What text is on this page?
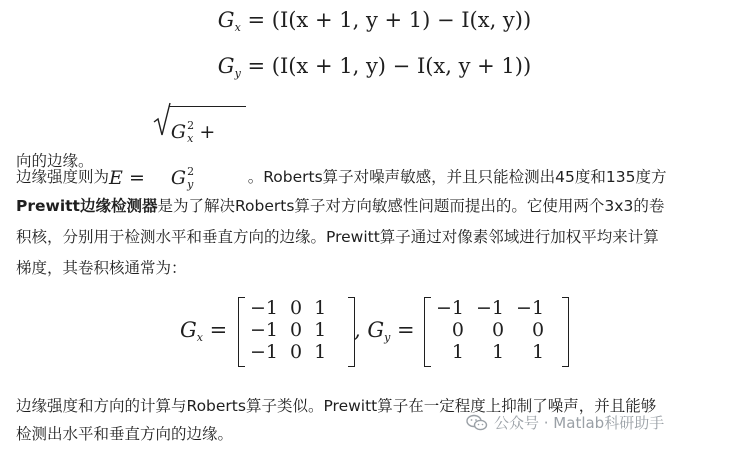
$G_x = (I(x + 1$, y + 1) − I(x, y))
$G_y = (I(x + 1$, y) − I(x, y + 1))
边缘强度则为E =
$G^2_x + G^2_y$	。Roberts算子对噪声敏感，并且只能检测出45度和135度方
向的边缘。
Prewitt边缘检测器是为了解决Roberts算子对方向敏感性问题而提出的。它使用两个3x3的卷
积核，分别用于检测水平和垂直方向的边缘。Prewitt算子通过对像素邻域进行加权平均来计算
梯度，其卷积核通常为：
$G_x$ =
−1	0	1
−1	0	1
−1	0	1
, $G_y$ =
−1	−1	−1
0	0	0
1	1	1
边缘强度和方向的计算与Roberts算子类似。Prewitt算子在一定程度上抑制了噪声，并且能够
检测出水平和垂直方向的边缘。
公众号 · Matlab科研助手
